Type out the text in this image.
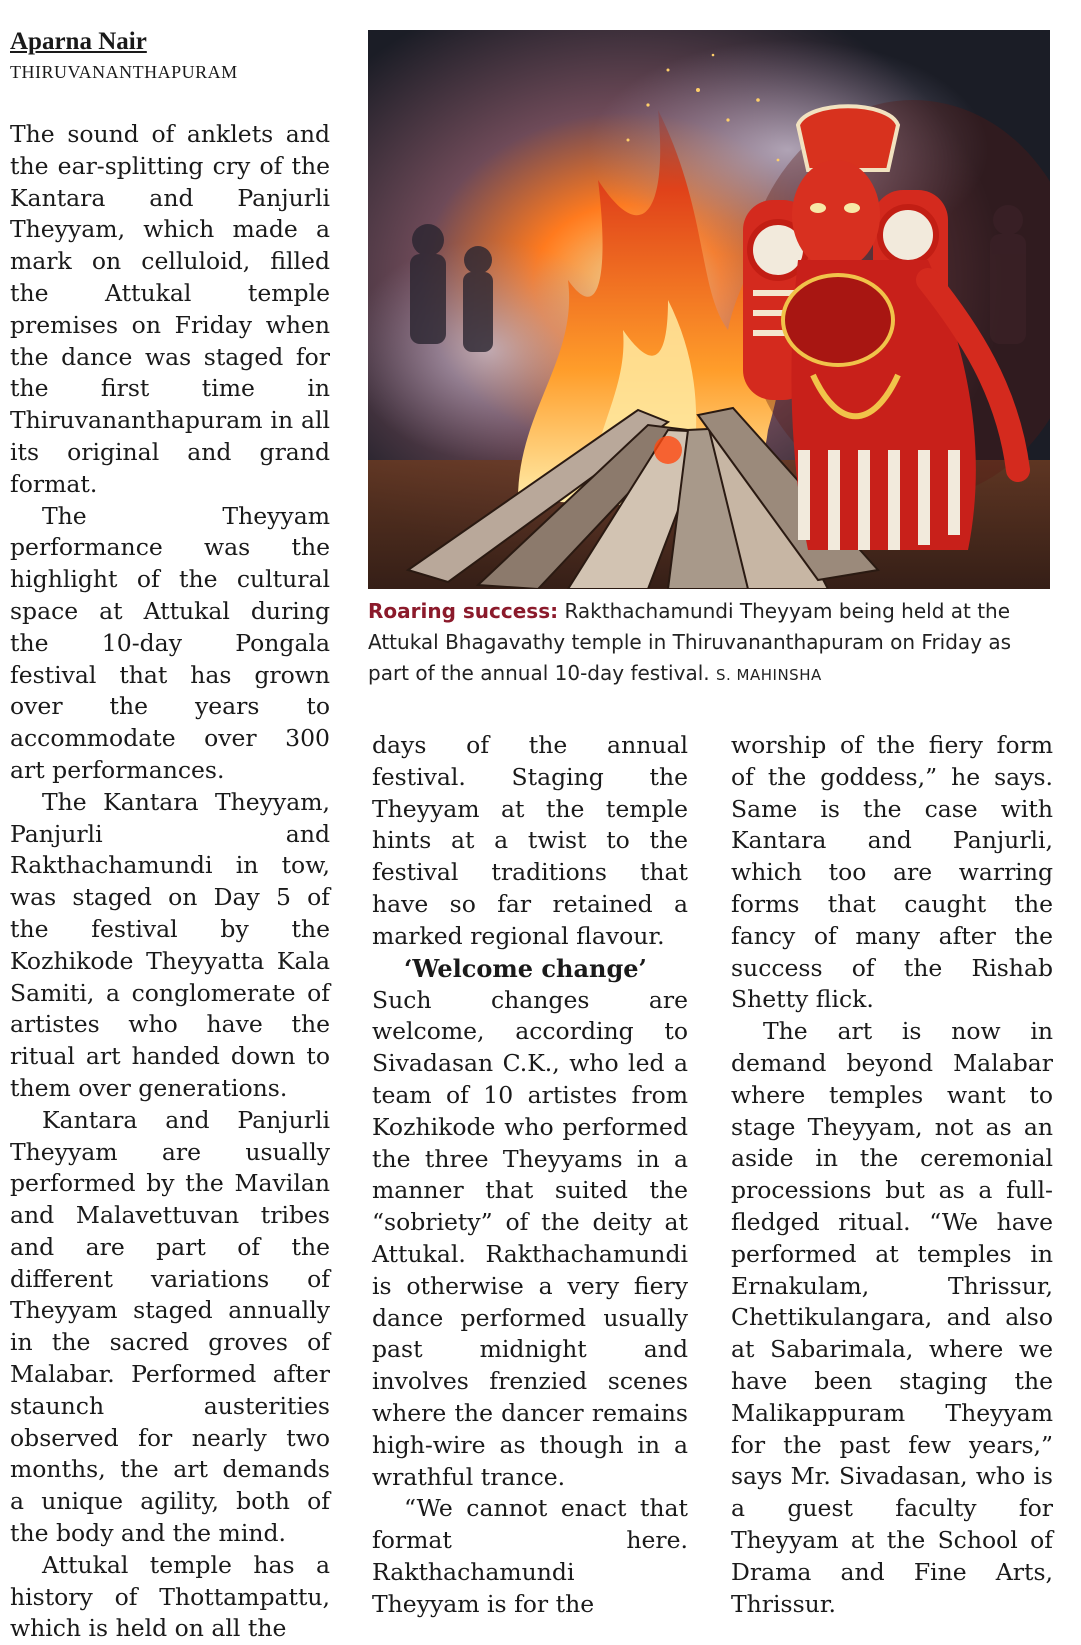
Aparna Nair
THIRUVANANTHAPURAM
Roaring success: Rakthachamundi Theyyam being held at the Attukal Bhagavathy temple in Thiruvananthapuram on Friday as part of the annual 10-day festival. S. MAHINSHA

The sound of anklets and the ear-splitting cry of the Kantara and Panjurli Theyyam, which made a mark on celluloid, filled the Attukal temple premises on Friday when the dance was staged for the first time in Thiruvananthapuram in all its original and grand format.

The Theyyam performance was the highlight of the cultural space at Attukal during the 10-day Pongala festival that has grown over the years to accommodate over 300 art performances.

The Kantara Theyyam, Panjurli and Rakthachamundi in tow, was staged on Day 5 of the festival by the Kozhikode Theyyatta Kala Samiti, a conglomerate of artistes who have the ritual art handed down to them over generations.

Kantara and Panjurli Theyyam are usually performed by the Mavilan and Malavettuvan tribes and are part of the different variations of Theyyam staged annually in the sacred groves of Malabar. Performed after staunch austerities observed for nearly two months, the art demands a unique agility, both of the body and the mind.

Attukal temple has a history of Thottampattu, which is held on all the

days of the annual festival. Staging the Theyyam at the temple hints at a twist to the festival traditions that have so far retained a marked regional flavour.

‘Welcome change’

Such changes are welcome, according to Sivadasan C.K., who led a team of 10 artistes from Kozhikode who performed the three Theyyams in a manner that suited the “sobriety” of the deity at Attukal. Rakthachamundi is otherwise a very fiery dance performed usually past midnight and involves frenzied scenes where the dancer remains high-wire as though in a wrathful trance.

“We cannot enact that format here. Rakthachamundi Theyyam is for the

worship of the fiery form of the goddess,” he says. Same is the case with Kantara and Panjurli, which too are warring forms that caught the fancy of many after the success of the Rishab Shetty flick.

The art is now in demand beyond Malabar where temples want to stage Theyyam, not as an aside in the ceremonial processions but as a full-fledged ritual. “We have performed at temples in Ernakulam, Thrissur, Chettikulangara, and also at Sabarimala, where we have been staging the Malikappuram Theyyam for the past few years,” says Mr. Sivadasan, who is a guest faculty for Theyyam at the School of Drama and Fine Arts, Thrissur.
